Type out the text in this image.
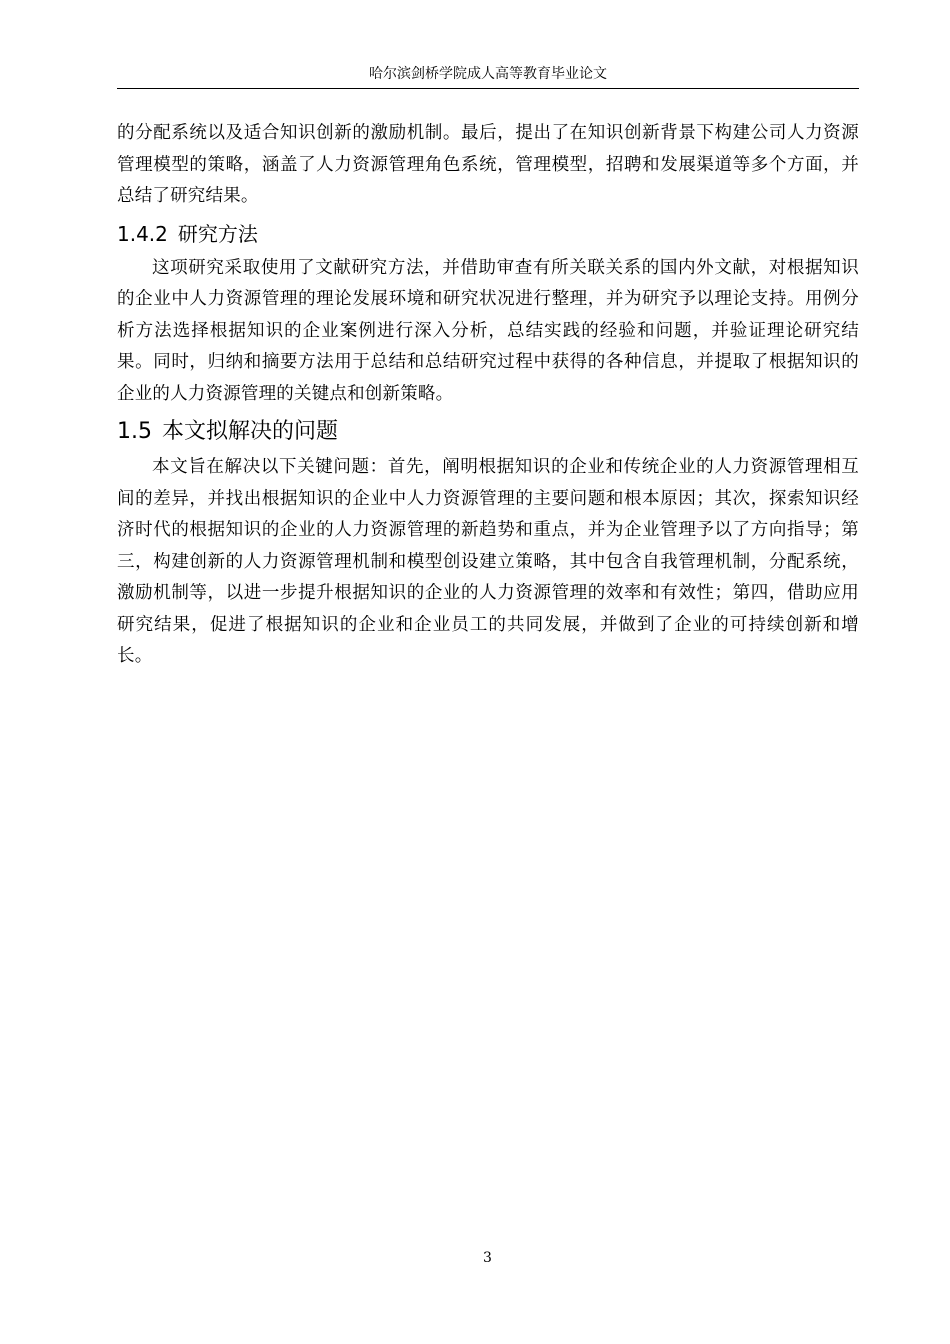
哈尔滨剑桥学院成人高等教育毕业论文

的分配系统以及适合知识创新的激励机制。最后，提出了在知识创新背景下构建公司人力资源管理模型的策略，涵盖了人力资源管理角色系统，管理模型，招聘和发展渠道等多个方面，并总结了研究结果。

1.4.2 研究方法

这项研究采取使用了文献研究方法，并借助审查有所关联关系的国内外文献，对根据知识的企业中人力资源管理的理论发展环境和研究状况进行整理，并为研究予以理论支持。用例分析方法选择根据知识的企业案例进行深入分析，总结实践的经验和问题，并验证理论研究结果。同时，归纳和摘要方法用于总结和总结研究过程中获得的各种信息，并提取了根据知识的企业的人力资源管理的关键点和创新策略。

1.5 本文拟解决的问题

本文旨在解决以下关键问题：首先，阐明根据知识的企业和传统企业的人力资源管理相互间的差异，并找出根据知识的企业中人力资源管理的主要问题和根本原因；其次，探索知识经济时代的根据知识的企业的人力资源管理的新趋势和重点，并为企业管理予以了方向指导；第三，构建创新的人力资源管理机制和模型创设建立策略，其中包含自我管理机制，分配系统，激励机制等，以进一步提升根据知识的企业的人力资源管理的效率和有效性；第四，借助应用研究结果，促进了根据知识的企业和企业员工的共同发展，并做到了企业的可持续创新和增长。

3
